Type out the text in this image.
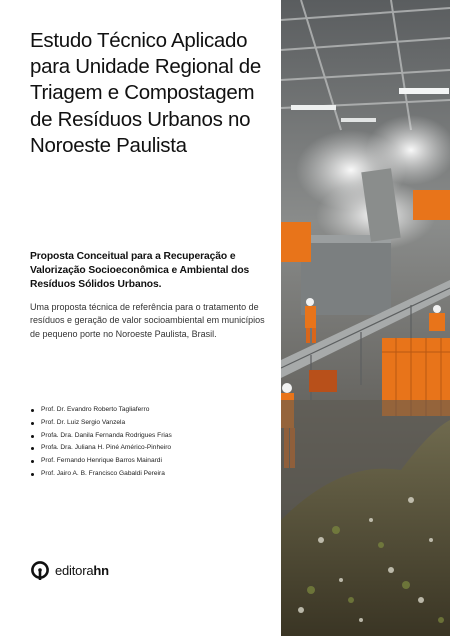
Estudo Técnico Aplicado para Unidade Regional de Triagem e Compostagem de Resíduos Urbanos no Noroeste Paulista

Proposta Conceitual para a Recuperação e Valorização Socioeconômica e Ambiental dos Resíduos Sólidos Urbanos.

Uma proposta técnica de referência para o tratamento de resíduos e geração de valor socioambiental em municípios de pequeno porte no Noroeste Paulista, Brasil.

Prof. Dr. Evandro Roberto Tagliaferro
Prof. Dr. Luiz Sergio Vanzela
Profa. Dra. Danila Fernanda Rodrigues Frias
Profa. Dra. Juliana H. Piné Américo-Pinheiro
Prof. Fernando Henrique Barros Mainardi
Prof. Jairo A. B. Francisco Gabaldi Pereira
editorahn
